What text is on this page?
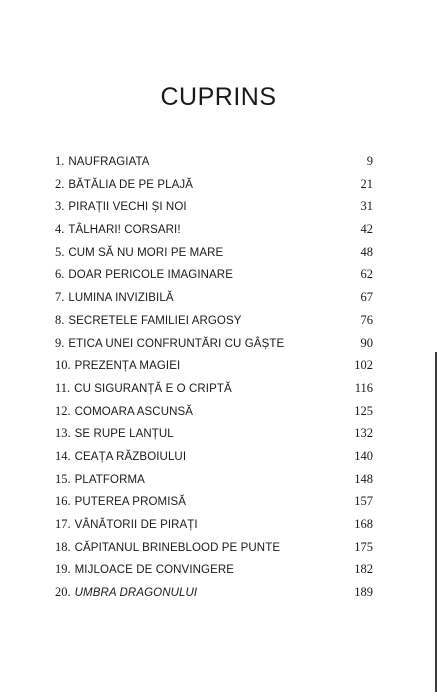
CUPRINS
1. NAUFRAGIATA	9
2. BĂTĂLIA DE PE PLAJĂ	21
3. PIRAȚII VECHI ȘI NOI	31
4. TÂLHARI! CORSARI!	42
5. CUM SĂ NU MORI PE MARE	48
6. DOAR PERICOLE IMAGINARE	62
7. LUMINA INVIZIBILĂ	67
8. SECRETELE FAMILIEI ARGOSY	76
9. ETICA UNEI CONFRUNTĂRI CU GÂȘTE	90
10. PREZENȚA MAGIEI	102
11. CU SIGURANȚĂ E O CRIPTĂ	116
12. COMOARA ASCUNSĂ	125
13. SE RUPE LANȚUL	132
14. CEAȚA RĂZBOIULUI	140
15. PLATFORMA	148
16. PUTEREA PROMISĂ	157
17. VÂNĂTORII DE PIRAȚI	168
18. CĂPITANUL BRINEBLOOD PE PUNTE	175
19. MIJLOACE DE CONVINGERE	182
20. UMBRA DRAGONULUI	189
